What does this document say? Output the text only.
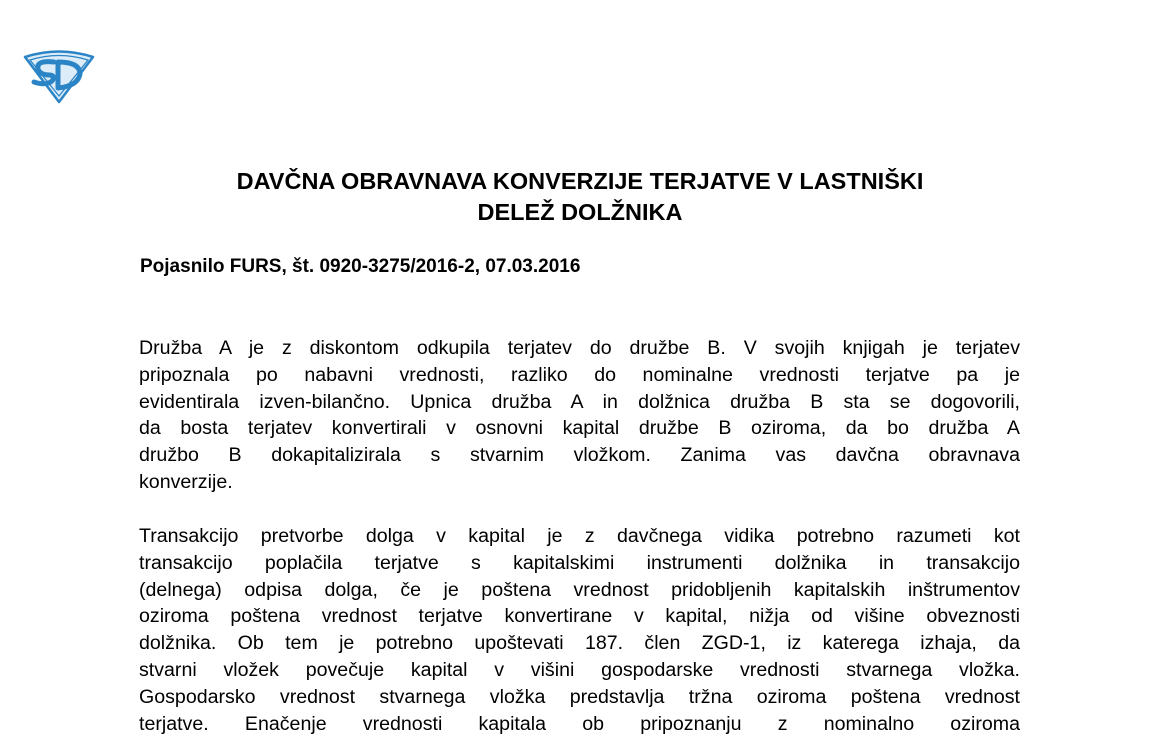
DAVČNA OBRAVNAVA KONVERZIJE TERJATVE V LASTNIŠKI
DELEŽ DOLŽNIKA

Pojasnilo FURS, št. 0920-3275/2016-2, 07.03.2016

Družba A je z diskontom odkupila terjatev do družbe B. V svojih knjigah je terjatev
pripoznala po nabavni vrednosti, razliko do nominalne vrednosti terjatve pa je
evidentirala izven-bilančno. Upnica družba A in dolžnica družba B sta se dogovorili,
da bosta terjatev konvertirali v osnovni kapital družbe B oziroma, da bo družba A
družbo B dokapitalizirala s stvarnim vložkom. Zanima vas davčna obravnava
konverzije.
Transakcijo pretvorbe dolga v kapital je z davčnega vidika potrebno razumeti kot
transakcijo poplačila terjatve s kapitalskimi instrumenti dolžnika in transakcijo
(delnega) odpisa dolga, če je poštena vrednost pridobljenih kapitalskih inštrumentov
oziroma poštena vrednost terjatve konvertirane v kapital, nižja od višine obveznosti
dolžnika. Ob tem je potrebno upoštevati 187. člen ZGD-1, iz katerega izhaja, da
stvarni vložek povečuje kapital v višini gospodarske vrednosti stvarnega vložka.
Gospodarsko vrednost stvarnega vložka predstavlja tržna oziroma poštena vrednost
terjatve. Enačenje vrednosti kapitala ob pripoznanju z nominalno oziroma
